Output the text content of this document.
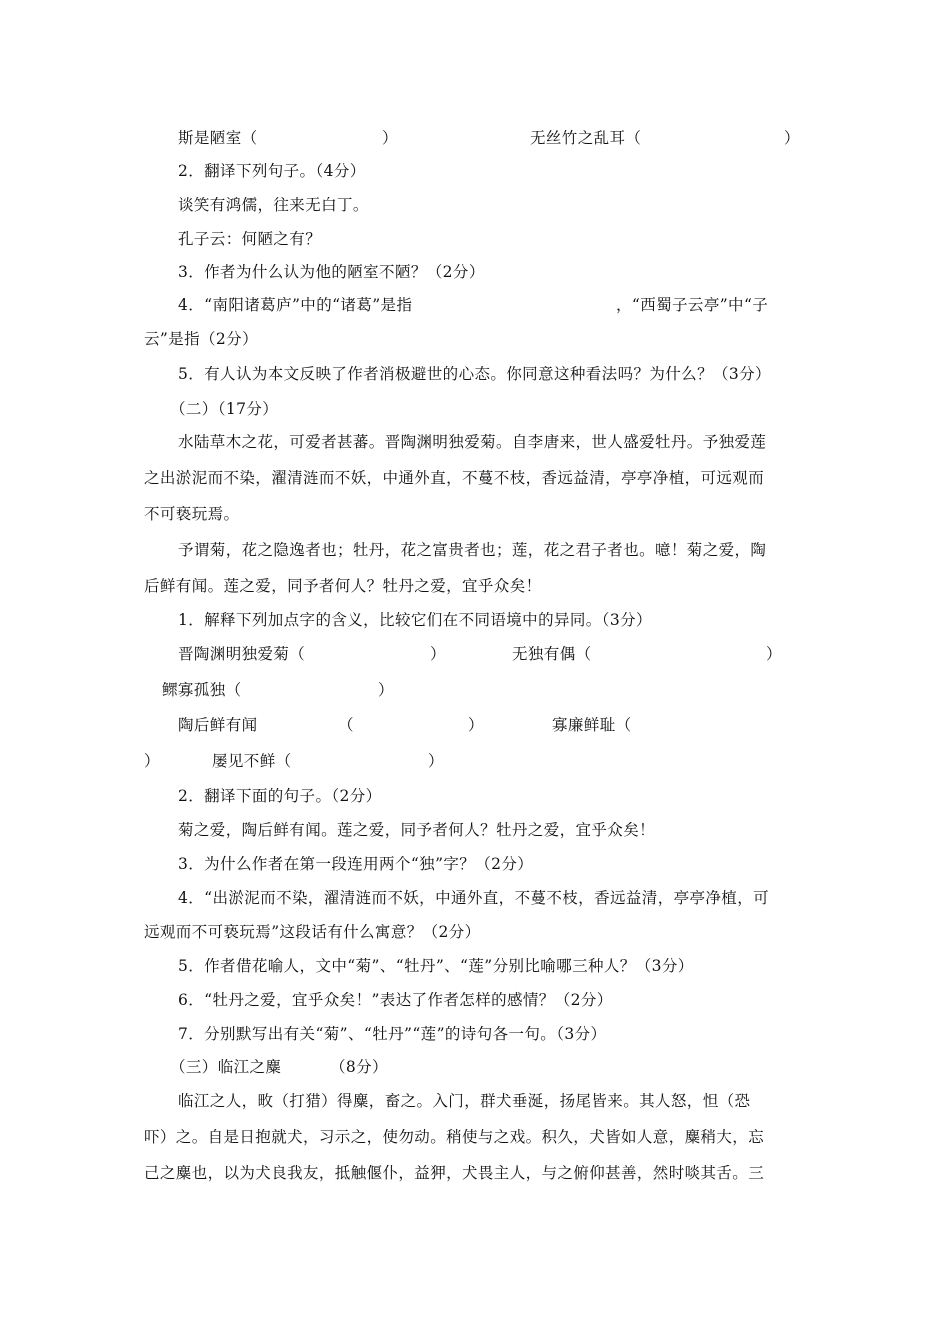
斯是陋室（	）	无丝竹之乱耳（	）
2．翻译下列句子。（4分）
谈笑有鸿儒，往来无白丁。
孔子云：何陋之有？
3．作者为什么认为他的陋室不陋？（2分）
4．“南阳诸葛庐”中的“诸葛”是指	，“西蜀子云亭”中“子
云”是指（2分）
5．有人认为本文反映了作者消极避世的心态。你同意这种看法吗？为什么？（3分）
（二）（17分）
水陆草木之花，可爱者甚蕃。晋陶渊明独爱菊。自李唐来，世人盛爱牡丹。予独爱莲
之出淤泥而不染，濯清涟而不妖，中通外直，不蔓不枝，香远益清，亭亭净植，可远观而
不可亵玩焉。
予谓菊，花之隐逸者也；牡丹，花之富贵者也；莲，花之君子者也。噫！菊之爱，陶
后鲜有闻。莲之爱，同予者何人？牡丹之爱，宜乎众矣！
1．解释下列加点字的含义，比较它们在不同语境中的异同。（3分）
晋陶渊明独爱菊（	）	无独有偶（	）
鳏寡孤独（	）
陶后鲜有闻	（	）	寡廉鲜耻（
）	屡见不鲜（	）
2．翻译下面的句子。（2分）
菊之爱，陶后鲜有闻。莲之爱，同予者何人？牡丹之爱，宜乎众矣！
3．为什么作者在第一段连用两个“独”字？（2分）
4．“出淤泥而不染，濯清涟而不妖，中通外直，不蔓不枝，香远益清，亭亭净植，可
远观而不可亵玩焉”这段话有什么寓意？（2分）
5．作者借花喻人，文中“菊”、“牡丹”、“莲”分别比喻哪三种人？（3分）
6．“牡丹之爱，宜乎众矣！”表达了作者怎样的感情？（2分）
7．分别默写出有关“菊”、“牡丹”“莲”的诗句各一句。（3分）
（三）临江之麋	（8分）
临江之人，畋（打猎）得麋，畜之。入门，群犬垂涎，扬尾皆来。其人怒，怛（恐
吓）之。自是日抱就犬，习示之，使勿动。稍使与之戏。积久，犬皆如人意，麋稍大，忘
己之麋也，以为犬良我友，抵触偃仆，益狎，犬畏主人，与之俯仰甚善，然时啖其舌。三
